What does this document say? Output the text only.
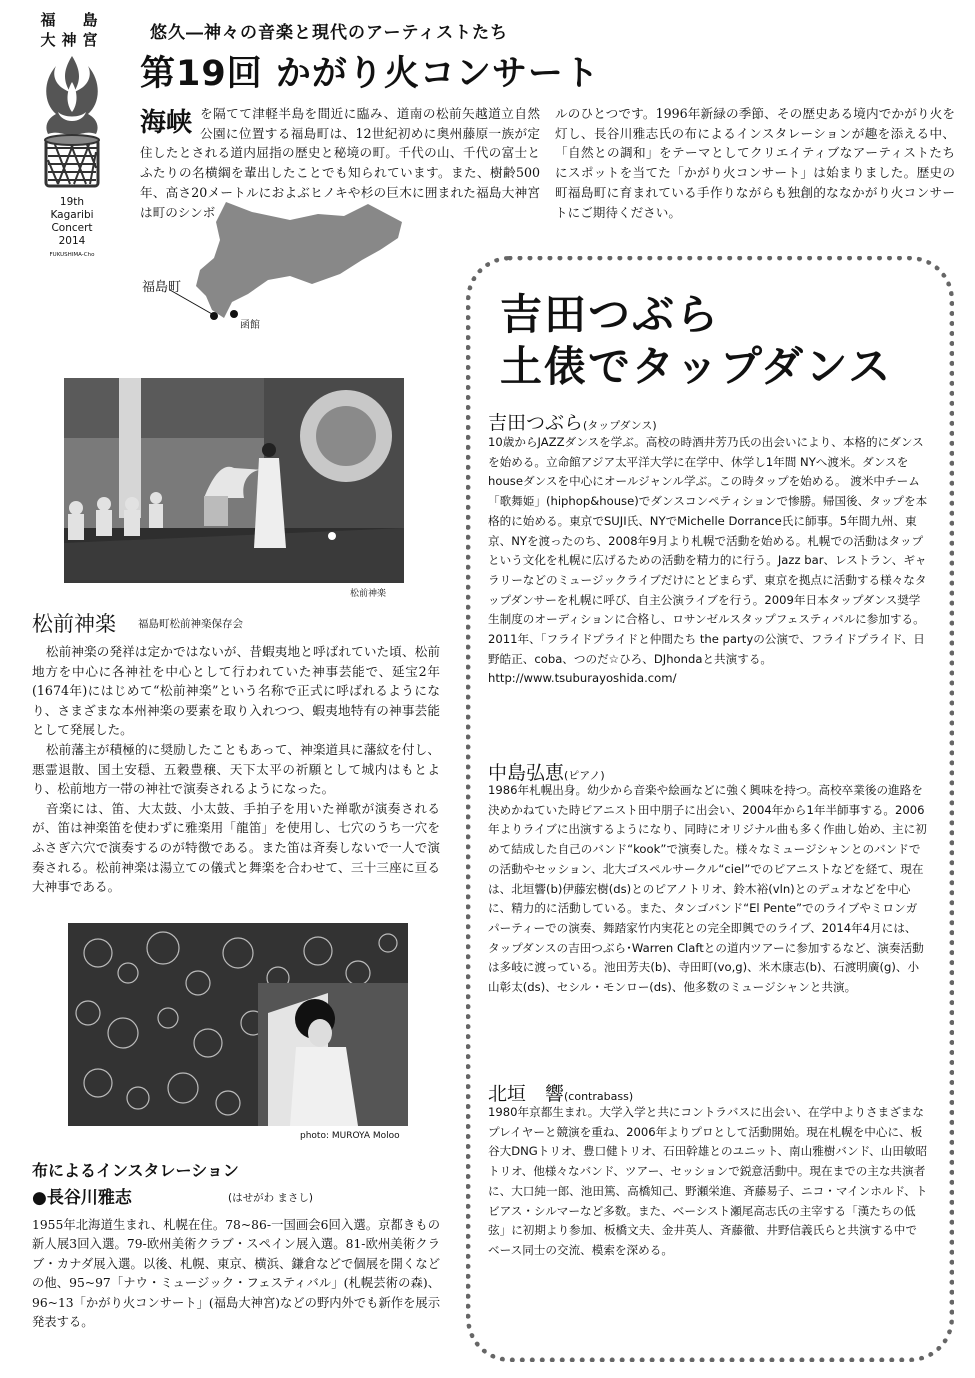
福　島
大神宮
19th
Kagaribi
Concert
2014
FUKUSHIMA-Cho
悠久―神々の音楽と現代のアーティストたち
第19回 かがり火コンサート
海峡 を隔てて津軽半島を間近に臨み、道南の松前矢越道立自然公園に位置する福島町は、12世紀初めに奥州藤原一族が定住したとされる道内屈指の歴史と秘境の町。千代の山、千代の富士とふたりの名横綱を輩出したことでも知られています。また、樹齢500年、高さ20メートルにおよぶヒノキや杉の巨木に囲まれた福島大神宮は町のシンボ
ルのひとつです。1996年新緑の季節、その歴史ある境内でかがり火を灯し、長谷川雅志氏の布によるインスタレーションが趣を添える中、「自然との調和」をテーマとしてクリエイティブなアーティストたちにスポットを当てた「かがり火コンサート」は始まりました。歴史の町福島町に育まれている手作りながらも独創的ななかがり火コンサートにご期待ください。
福島町
函館
松前神楽
松前神楽 福島町松前神楽保存会

松前神楽の発祥は定かではないが、昔蝦夷地と呼ばれていた頃、松前地方を中心に各神社を中心として行われていた神事芸能で、延宝2年(1674年)にはじめて“松前神楽”という名称で正式に呼ばれるようになり、さまざまな本州神楽の要素を取り入れつつ、蝦夷地特有の神事芸能として発展した。

松前藩主が積極的に奨励したこともあって、神楽道具に藩紋を付し、悪霊退散、国土安穏、五穀豊穣、天下太平の祈願として城内はもとより、松前地方一帯の神社で演奏されるようになった。

音楽には、笛、大太鼓、小太鼓、手拍子を用いた禅歌が演奏されるが、笛は神楽笛を使わずに雅楽用「龍笛」を使用し、七穴のうち一穴をふさぎ六穴で演奏するのが特徴である。また笛は斉奏しないで一人で演奏される。松前神楽は湯立ての儀式と舞楽を合わせて、三十三座に亘る大神事である。

photo: MUROYA Moloo
布によるインスタレーション
●長谷川雅志	(はせがわ まさし)
1955年北海道生まれ、札幌在住。78~86-一国画会6回入選。京都きもの新人展3回入選。79-欧州美術クラブ・スペイン展入選。81-欧州美術クラブ・カナダ展入選。以後、札幌、東京、横浜、鎌倉などで個展を開くなどの他、95~97「ナウ・ミュージック・フェスティバル」(札幌芸術の森)、96~13「かがり火コンサート」(福島大神宮)などの野内外でも新作を展示発表する。
吉田つぶら
土俵でタップダンス
吉田つぶら(タップダンス)
10歳からJAZZダンスを学ぶ。高校の時酒井芳乃氏の出会いにより、本格的にダンスを始める。立命館アジア太平洋大学に在学中、休学し1年間 NYへ渡米。ダンスをhouseダンスを中心にオールジャンル学ぶ。この時タップを始める。 渡米中チーム「歌舞姫」(hiphop&house)でダンスコンペティションで惨勝。帰国後、タップを本格的に始める。東京でSUJI氏、NYでMichelle Dorrance氏に師事。5年間九州、東京、NYを渡ったのち、2008年9月より札幌で活動を始める。札幌での活動はタップという文化を札幌に広げるための活動を精力的に行う。Jazz bar、レストラン、ギャラリーなどのミュージックライブだけにとどまらず、東京を拠点に活動する様々なタップダンサーを札幌に呼び、自主公演ライブを行う。2009年日本タップダンス奨学生制度のオーディションに合格し、ロサンゼルスタップフェスティバルに参加する。2011年、「フライドプライドと仲間たち the partyの公演で、フライドプライド、日野皓正、coba、つのだ☆ひろ、DJhondaと共演する。 http://www.tsuburayoshida.com/
中島弘恵(ピアノ)
1986年札幌出身。幼少から音楽や絵画などに強く興味を持つ。高校卒業後の進路を決めかねていた時ピアニスト田中朋子に出会い、2004年から1年半師事する。2006年よりライブに出演するようになり、同時にオリジナル曲も多く作曲し始め、主に初めて結成した自己のバンド“kook”で演奏した。様々なミュージシャンとのバンドでの活動やセッション、北大ゴスペルサークル“ciel”でのピアニストなどを経て、現在は、北垣響(b)伊藤宏樹(ds)とのピアノトリオ、鈴木裕(vln)とのデュオなどを中心に、精力的に活動している。また、タンゴバンド“El Pente”でのライブやミロンガパーティーでの演奏、舞踏家竹内実花との完全即興でのライブ、2014年4月には、タップダンスの吉田つぶら･Warren Claftとの道内ツアーに参加するなど、演奏活動は多岐に渡っている。池田芳夫(b)、寺田町(vo,g)、米木康志(b)、石渡明廣(g)、小山彰太(ds)、セシル・モンロー(ds)、他多数のミュージシャンと共演。
北垣　響(contrabass)
1980年京都生まれ。大学入学と共にコントラバスに出会い、在学中よりさまざまなプレイヤーと競演を重ね、2006年よりプロとして活動開始。現在札幌を中心に、板谷大DNGトリオ、豊口健トリオ、石田幹雄とのユニット、南山雅樹バンド、山田敏昭トリオ、他様々なバンド、ツアー、セッションで鋭意活動中。現在までの主な共演者に、大口純一郎、池田篤、高橋知己、野瀬栄進、斉藤易子、ニコ・マインホルド、トビアス・シルマーなど多数。また、ベーシスト瀬尾高志氏の主宰する「漢たちの低弦」に初期より参加、板橋文夫、金井英人、斉藤徹、井野信義氏らと共演する中でベース同士の交流、模索を深める。
